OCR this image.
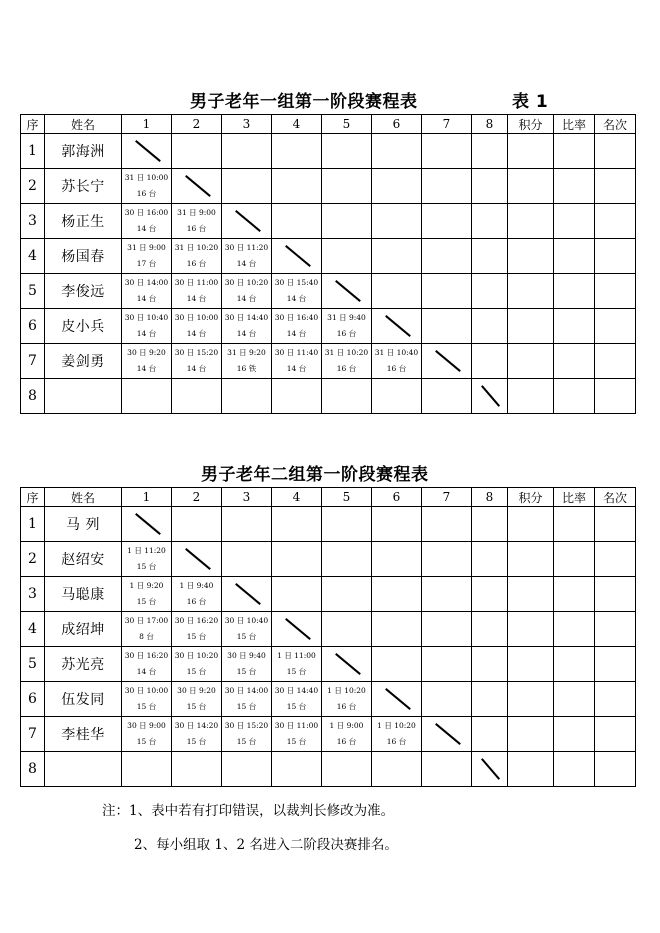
男子老年一组第一阶段赛程表	表 1
序	姓名	1	2	3	4	5	6	7	8	积分	比率	名次
1	郭海洲	

2	苏长宁	31 日 10:00
16 台

3	杨正生	30 日 16:00
14 台	31 日 9:00
16 台

4	杨国春	31 日 9:00
17 台	31 日 10:20
16 台	30 日 11:20
14 台

5	李俊远	30 日 14:00
14 台	30 日 11:00
14 台	30 日 10:20
14 台	30 日 15:40
14 台

6	皮小兵	30 日 10:40
14 台	30 日 10:00
14 台	30 日 14:40
14 台	30 日 16:40
14 台	31 日 9:40
16 台

7	姜剑勇	30 日 9:20
14 台	30 日 15:20
14 台	31 日 9:20
16 铁	30 日 11:40
14 台	31 日 10:20
16 台	31 日 10:40
16 台

8									

男子老年二组第一阶段赛程表
序	姓名	1	2	3	4	5	6	7	8	积分	比率	名次
1	马 列	

2	赵绍安	1 日 11:20
15 台

3	马聪康	1 日 9:20
15 台	1 日 9:40
16 台

4	成绍坤	30 日 17:00
8 台	30 日 16:20
15 台	30 日 10:40
15 台

5	苏光亮	30 日 16:20
14 台	30 日 10:20
15 台	30 日 9:40
15 台	1 日 11:00
15 台

6	伍发同	30 日 10:00
15 台	30 日 9:20
15 台	30 日 14:00
15 台	30 日 14:40
15 台	1 日 10:20
16 台

7	李桂华	30 日 9:00
15 台	30 日 14:20
15 台	30 日 15:20
15 台	30 日 11:00
15 台	1 日 9:00
16 台	1 日 10:20
16 台

8									

注：1、表中若有打印错误，以裁判长修改为准。
2、每小组取 1、2 名进入二阶段决赛排名。
